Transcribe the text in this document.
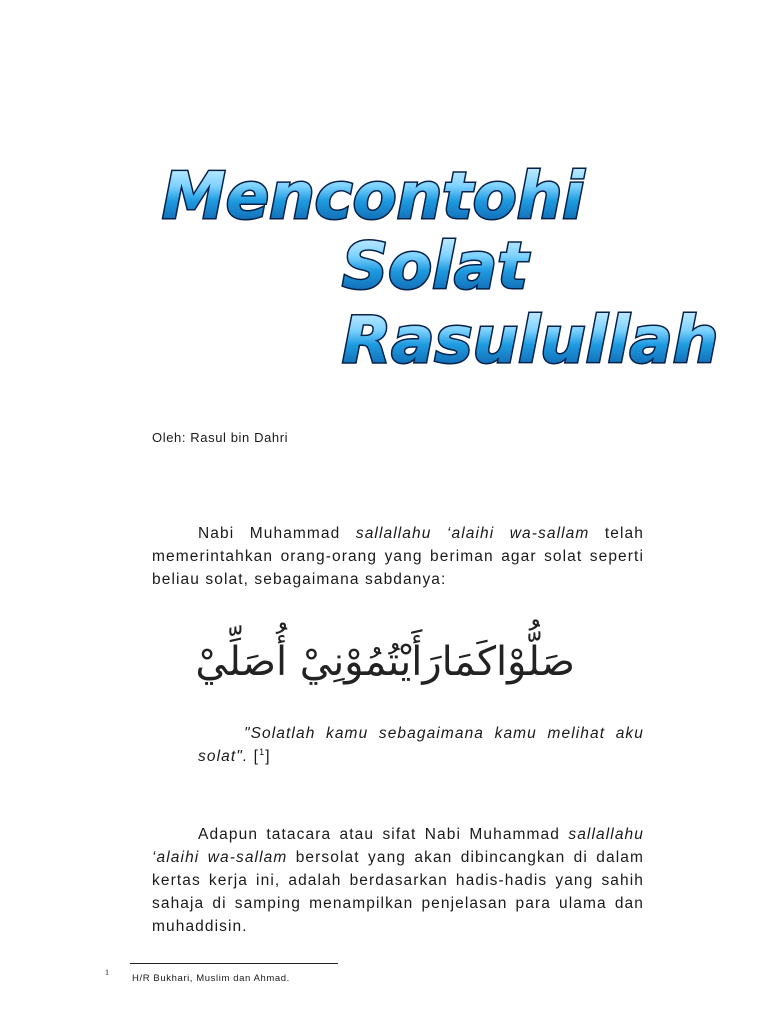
Mencontohi
Solat
Rasulullah
Oleh: Rasul bin Dahri

Nabi Muhammad sallallahu ‘alaihi wa-sallam telah memerintahkan orang-orang yang beriman agar solat seperti beliau solat, sebagaimana sabdanya:

صَلُّوْاكَمَارَأَيْتُمُوْنِيْ أُصَلِّيْ

"Solatlah kamu sebagaimana kamu melihat aku solat". [$^1$]

Adapun tatacara atau sifat Nabi Muhammad sallallahu ‘alaihi wa-sallam bersolat yang akan dibincangkan di dalam kertas kerja ini, adalah berdasarkan hadis-hadis yang sahih sahaja di samping menampilkan penjelasan para ulama dan muhaddisin.

1
H/R Bukhari, Muslim dan Ahmad.
